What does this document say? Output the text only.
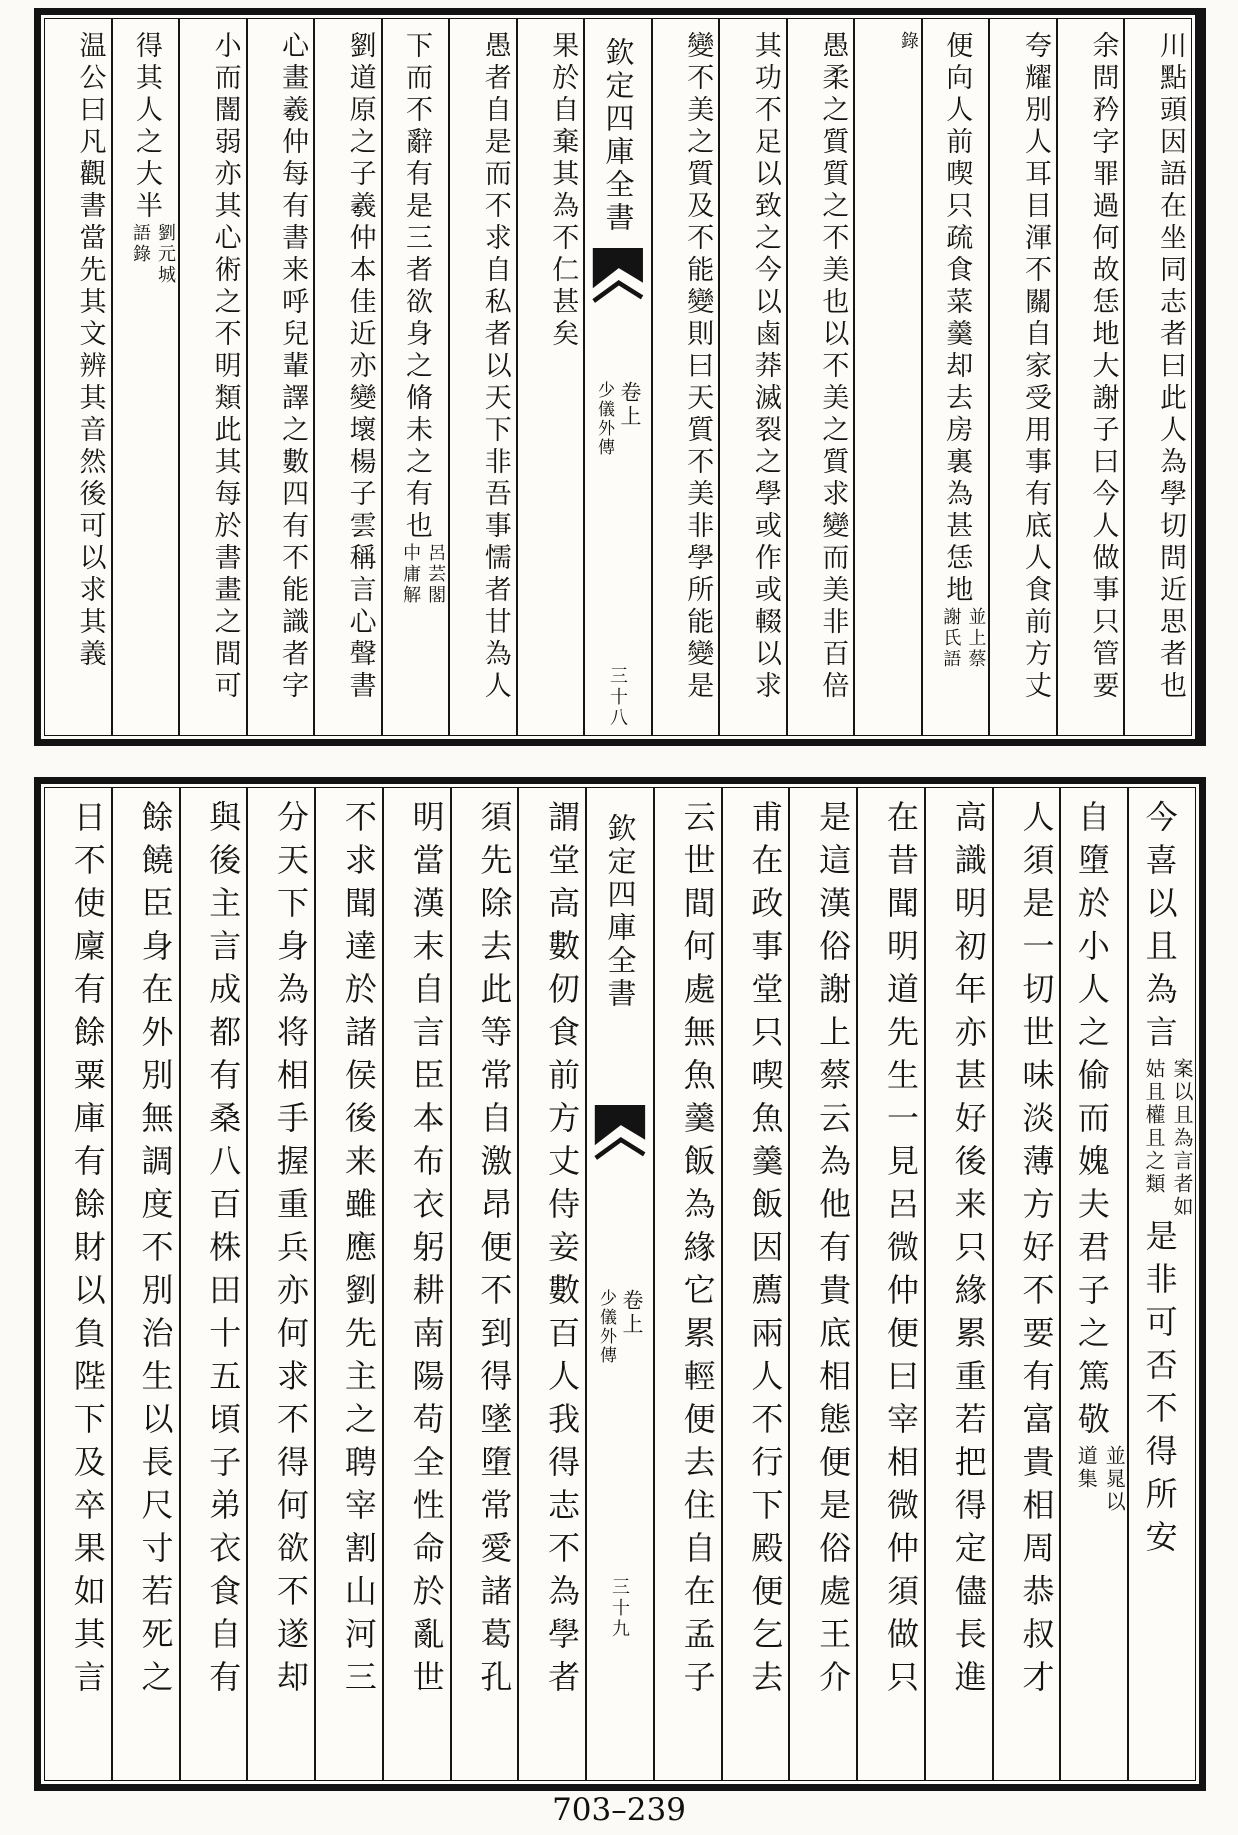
川點頭因語在坐同志者曰此人為學切問近思者也
余問矜字罪過何故恁地大謝子曰今人做事只管要
夸耀別人耳目渾不關自家受用事有底人食前方丈
便向人前喫只疏食菜羹却去房裏為甚恁地
並上蔡
謝氏語
錄
愚柔之質質之不美也以不美之質求變而美非百倍
其功不足以致之今以鹵莽滅裂之學或作或輟以求
變不美之質及不能變則曰天質不美非學所能變是
欽定四庫全書
卷上
少儀外傳
三十八
果於自棄其為不仁甚矣
愚者自是而不求自私者以天下非吾事懦者甘為人
下而不辭有是三者欲身之脩未之有也
呂芸閣
中庸解
劉道原之子羲仲本佳近亦變壞楊子雲稱言心聲書
心畫羲仲每有書来呼兒輩譯之數四有不能識者字
小而闇弱亦其心術之不明類此其每於書畫之間可
得其人之大半
劉元城
語錄
温公曰凡觀書當先其文辨其音然後可以求其義
今喜以且為言
案以且為言者如
姑且權且之類
是非可否不得所安
自墮於小人之偷而媿夫君子之篤敬
並晁以
道集
人須是一切世味淡薄方好不要有富貴相周恭叔才
高識明初年亦甚好後来只緣累重若把得定儘長進
在昔聞明道先生一見呂微仲便曰宰相微仲須做只
是這漢俗謝上蔡云為他有貴底相態便是俗處王介
甫在政事堂只喫魚羹飯因薦兩人不行下殿便乞去
云世間何處無魚羹飯為緣它累輕便去住自在孟子
欽定四庫全書
卷上
少儀外傳
三十九
謂堂高數仞食前方丈侍妾數百人我得志不為學者
須先除去此等常自激昂便不到得墜墮常愛諸葛孔
明當漢末自言臣本布衣躬耕南陽苟全性命於亂世
不求聞達於諸侯後来雖應劉先主之聘宰割山河三
分天下身為将相手握重兵亦何求不得何欲不遂却
與後主言成都有桑八百株田十五頃子弟衣食自有
餘饒臣身在外別無調度不別治生以長尺寸若死之
日不使廩有餘粟庫有餘財以負陛下及卒果如其言
703–239
